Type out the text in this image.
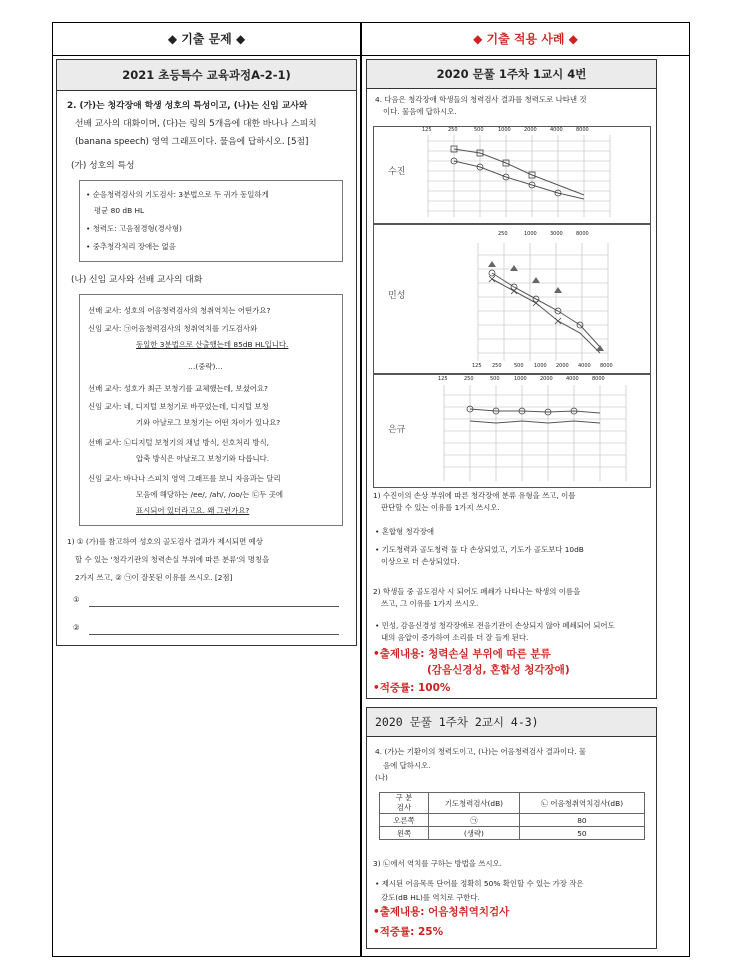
◆ 기출 문제 ◆	◆ 기출 적용 사례 ◆
2021 초등특수 교육과정A-2-1)
2. (가)는 청각장애 학생 성호의 특성이고, (나)는 신임 교사와
선배 교사의 대화이며, (다)는 링의 5개음에 대한 바나나 스피치
(banana speech) 영역 그래프이다. 물음에 답하시오. [5점]
(가) 성호의 특성
• 순음청력검사의 기도검사: 3분법으로 두 귀가 동일하게
평균 80 dB HL
• 청력도: 고음점경형(경사형)
• 중추청각처리 장애는 없음
(나) 신임 교사와 선배 교사의 대화
선배 교사: 성호의 어음청력검사의 청취역치는 어떤가요?
신임 교사: ㉠어음청력검사의 청취역치를 기도검사와
동일한 3분법으로 산출했는데 85dB HL입니다.
…(중략)…
선배 교사: 성호가 최근 보청기를 교체했는데, 보셨어요?
신임 교사: 네, 디지털 보청기로 바꾸었는데, 디지털 보청
기와 아날로그 보청기는 어떤 차이가 있나요?
선배 교사: ㉡디지털 보청기의 채널 방식, 신호처리 방식,
압축 방식은 아날로그 보청기와 다릅니다.
신임 교사: 바나나 스피치 영역 그래프를 보니 자음과는 달리
모음에 해당하는 /ee/, /ah/, /oo/는 ㉢두 곳에
표시되어 있더라고요. 왜 그런가요?
1) ① (가)를 참고하여 성호의 골도검사 결과가 제시되면 예상
할 수 있는 '청각기관의 청력손실 부위에 따른 분류'의 명칭을
2가지 쓰고, ② ㉠이 잘못된 이유를 쓰시오. [2점]
①
②
2020 문풀 1주차 1교시 4번
4. 다음은 청각장애 학생들의 청력검사 결과를 청력도로 나타낸 것
이다. 물음에 답하시오.
수진
125	250	500	1000	2000	4000	8000
민성
250	1000	3000	8000
125 250 500 1000 2000 4000 8000
은규
125	250	500	1000	2000	4000	8000
1) 수진이의 손상 부위에 따른 청각장애 분류 유형을 쓰고, 이를
판단할 수 있는 이유를 1가지 쓰시오.
• 혼합형 청각장애
• 기도청력과 골도청력 둘 다 손상되었고, 기도가 골도보다 10dB
이상으로 더 손상되었다.
2) 학생들 중 골도검사 시 되어도 폐쇄가 나타나는 학생의 이름을
쓰고, 그 이유를 1가지 쓰시오.
• 민성, 감음신경성 청각장애로 전음기관이 손상되지 않아 폐쇄되어 되어도
내의 음압이 증가하여 소리를 더 잘 들게 된다.
•출제내용: 청력손실 부위에 따른 분류
(감음신경성, 혼합성 청각장애)
•적중률: 100%
2020 문풀 1주차 2교시 4-3)
4. (가)는 기환이의 청력도이고, (나)는 어음청력검사 결과이다. 물
음에 답하시오.
(나)
구 분
검사	기도청력검사(dB)	㉡ 어음청취역치검사(dB)
오른쪽	㉠	80
왼쪽	(생략)	50
3) ㉡에서 역치를 구하는 방법을 쓰시오.
• 제시된 어음목록 단어를 정확히 50% 확인할 수 있는 가장 작은
강도(dB HL)를 역치로 구한다.
•출제내용: 어음청취역치검사
•적중률: 25%
